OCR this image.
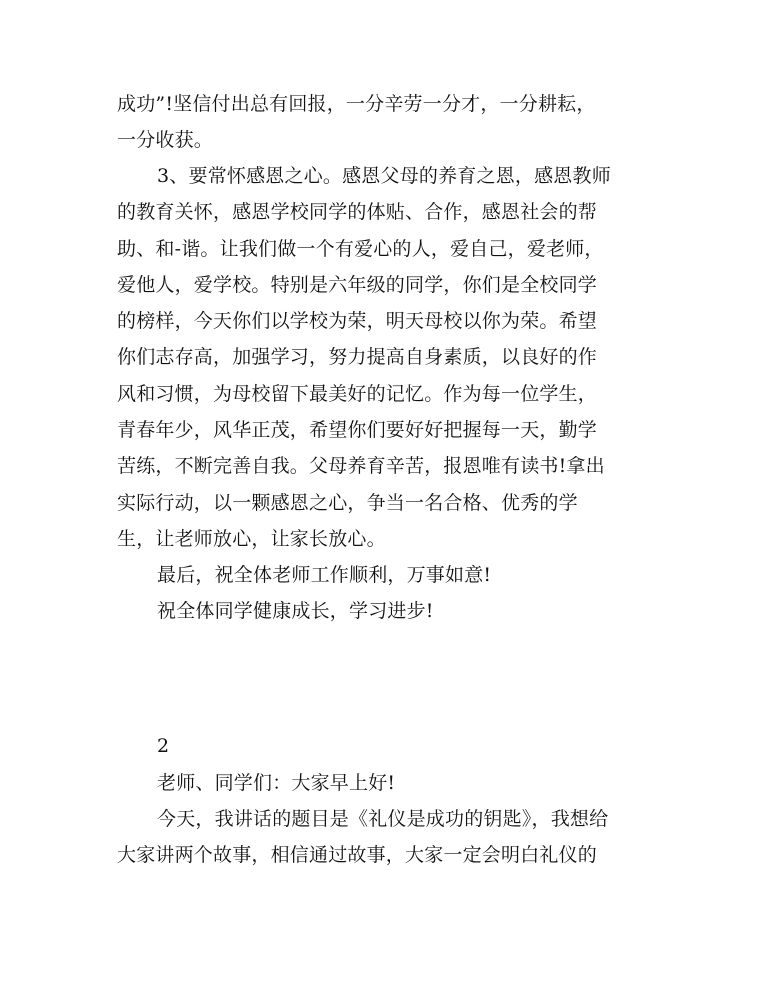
成功”!坚信付出总有回报，一分辛劳一分才，一分耕耘，
一分收获。
3、要常怀感恩之心。感恩父母的养育之恩，感恩教师
的教育关怀，感恩学校同学的体贴、合作，感恩社会的帮
助、和-谐。让我们做一个有爱心的人，爱自己，爱老师，
爱他人，爱学校。特别是六年级的同学，你们是全校同学
的榜样，今天你们以学校为荣，明天母校以你为荣。希望
你们志存高，加强学习，努力提高自身素质，以良好的作
风和习惯，为母校留下最美好的记忆。作为每一位学生，
青春年少，风华正茂，希望你们要好好把握每一天，勤学
苦练，不断完善自我。父母养育辛苦，报恩唯有读书!拿出
实际行动，以一颗感恩之心，争当一名合格、优秀的学
生，让老师放心，让家长放心。
最后，祝全体老师工作顺利，万事如意!
祝全体同学健康成长，学习进步!
2
老师、同学们：大家早上好!
今天，我讲话的题目是《礼仪是成功的钥匙》，我想给
大家讲两个故事，相信通过故事，大家一定会明白礼仪的
